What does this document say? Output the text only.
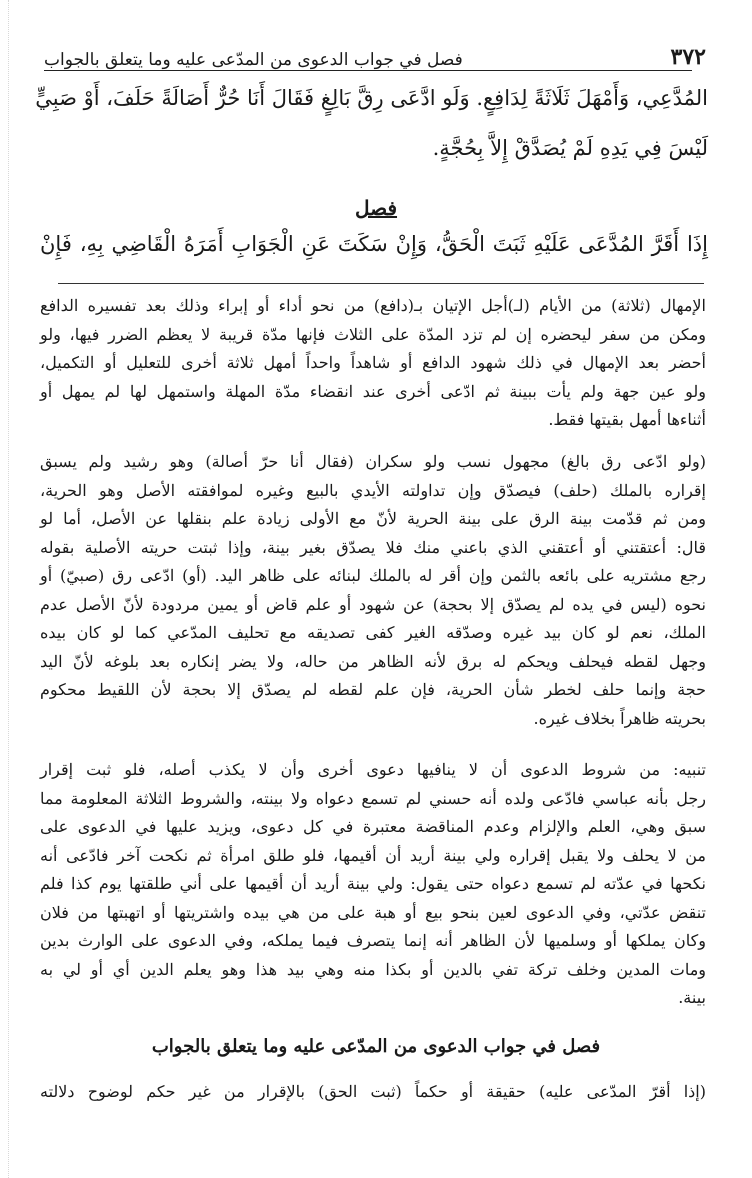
٣٧٢
فصل في جواب الدعوى من المدّعى عليه وما يتعلق بالجواب
المُدَّعِي، وَأَمْهَلَ ثَلَاثَةً لِدَافِعٍ. وَلَو ادَّعَى رِقَّ بَالِغٍ فَقَالَ أَنَا حُرٌّ أَصَالَةً حَلَفَ، أَوْ صَبِيٍّ
لَيْسَ فِي يَدِهِ لَمْ يُصَدَّقْ إِلاَّ بِحُجَّةٍ.
فصل
إِذَا أَقَرَّ المُدَّعَى عَلَيْهِ ثَبَتَ الْحَقُّ، وَإِنْ سَكَتَ عَنِ الْجَوَابِ أَمَرَهُ الْقَاضِي بِهِ، فَإِنْ
الإمهال (ثلاثة) من الأيام (لـ)أجل الإتيان بـ(دافع) من نحو أداء أو إبراء وذلك بعد تفسيره الدافع
ومكن من سفر ليحضره إن لم تزد المدّة على الثلاث فإنها مدّة قريبة لا يعظم الضرر فيها، ولو
أحضر بعد الإمهال في ذلك شهود الدافع أو شاهداً واحداً أمهل ثلاثة أخرى للتعليل أو التكميل،
ولو عين جهة ولم يأت ببينة ثم ادّعى أخرى عند انقضاء مدّة المهلة واستمهل لها لم يمهل أو
أثناءها أمهل بقيتها فقط.
(ولو ادّعى رق بالغ) مجهول نسب ولو سكران (فقال أنا حرّ أصالة) وهو رشيد ولم يسبق
إقراره بالملك (حلف) فيصدّق وإن تداولته الأيدي بالبيع وغيره لموافقته الأصل وهو الحرية،
ومن ثم قدّمت بينة الرق على بينة الحرية لأنّ مع الأولى زيادة علم بنقلها عن الأصل، أما لو
قال: أعتقتني أو أعتقني الذي باعني منك فلا يصدّق بغير بينة، وإذا ثبتت حريته الأصلية بقوله
رجع مشتريه على بائعه بالثمن وإن أقر له بالملك لبنائه على ظاهر اليد. (أو) ادّعى رق (صبيّ) أو
نحوه (ليس في يده لم يصدّق إلا بحجة) عن شهود أو علم قاض أو يمين مردودة لأنّ الأصل عدم
الملك، نعم لو كان بيد غيره وصدّقه الغير كفى تصديقه مع تحليف المدّعي كما لو كان بيده
وجهل لقطه فيحلف ويحكم له برق لأنه الظاهر من حاله، ولا يضر إنكاره بعد بلوغه لأنّ اليد
حجة وإنما حلف لخطر شأن الحرية، فإن علم لقطه لم يصدّق إلا بحجة لأن اللقيط محكوم
بحريته ظاهراً بخلاف غيره.
تنبيه: من شروط الدعوى أن لا ينافيها دعوى أخرى وأن لا يكذب أصله، فلو ثبت إقرار
رجل بأنه عباسي فادّعى ولده أنه حسني لم تسمع دعواه ولا بينته، والشروط الثلاثة المعلومة مما
سبق وهي، العلم والإلزام وعدم المناقضة معتبرة في كل دعوى، ويزيد عليها في الدعوى على
من لا يحلف ولا يقبل إقراره ولي بينة أريد أن أقيمها، فلو طلق امرأة ثم نكحت آخر فادّعى أنه
نكحها في عدّته لم تسمع دعواه حتى يقول: ولي بينة أريد أن أقيمها على أني طلقتها يوم كذا فلم
تنقض عدّتي، وفي الدعوى لعين بنحو بيع أو هبة على من هي بيده واشتريتها أو اتهبتها من فلان
وكان يملكها أو وسلميها لأن الظاهر أنه إنما يتصرف فيما يملكه، وفي الدعوى على الوارث بدين
ومات المدين وخلف تركة تفي بالدين أو بكذا منه وهي بيد هذا وهو يعلم الدين أي أو لي به
بينة.
فصل في جواب الدعوى من المدّعى عليه وما يتعلق بالجواب
(إذا أقرّ المدّعى عليه) حقيقة أو حكماً (ثبت الحق) بالإقرار من غير حكم لوضوح دلالته
